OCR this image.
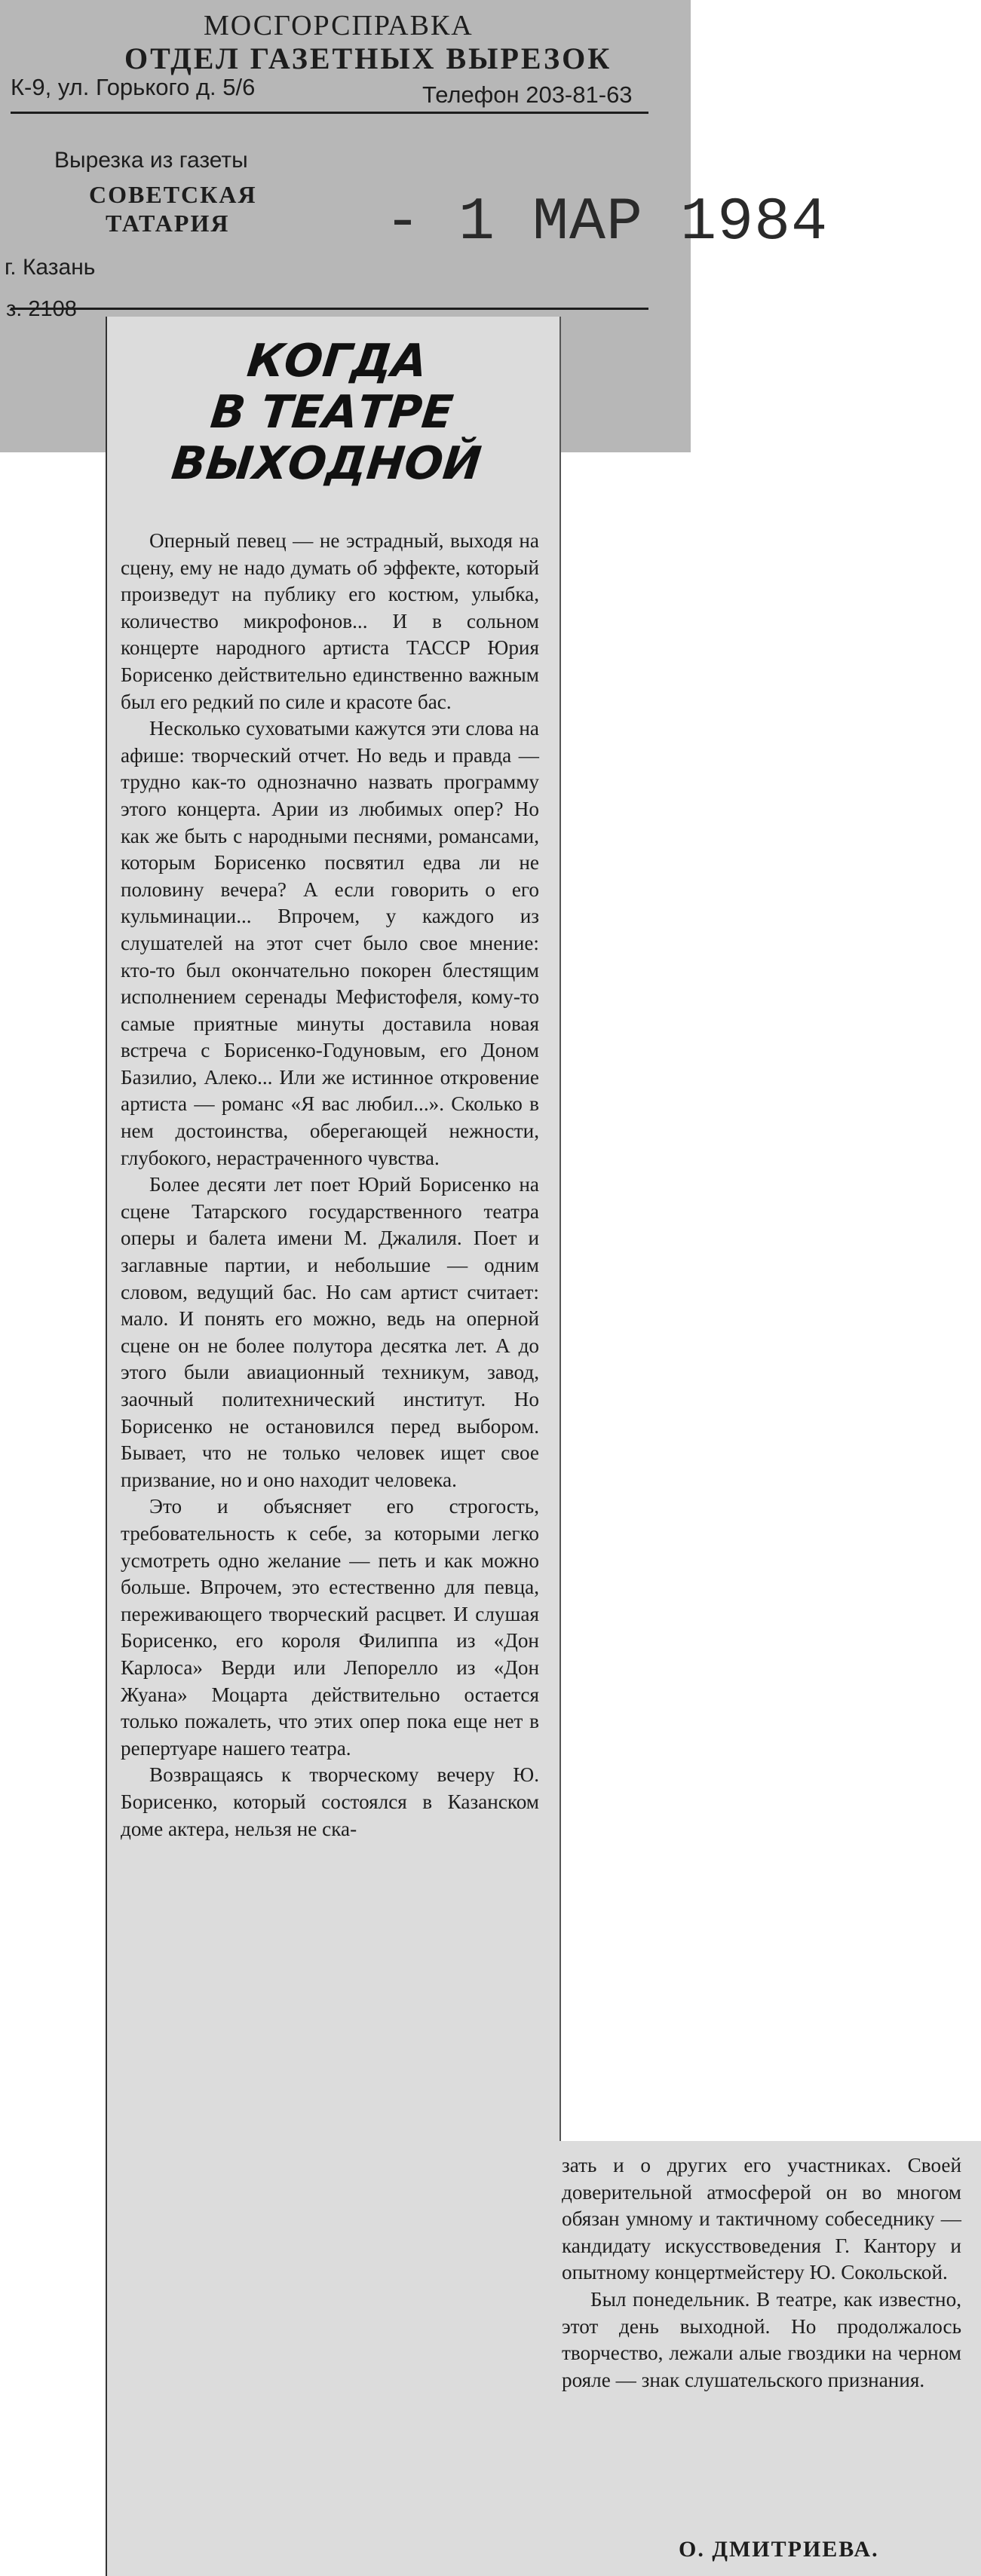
МОСГОРСПРАВКА
ОТДЕЛ ГАЗЕТНЫХ ВЫРЕЗОК
К-9, ул. Горького д. 5/6	Телефон 203-81-63
Вырезка из газеты
СОВЕТСКАЯ
ТАТАРИЯ	- 1 МАР 1984
г. Казань
з. 2108
КОГДА
В ТЕАТРЕ
ВЫХОДНОЙ

Оперный певец — не эстрадный, выходя на сцену, ему не надо думать об эффекте, который произведут на публику его костюм, улыбка, количество микрофонов... И в сольном концерте народного артиста ТАССР Юрия Борисенко действительно единственно важным был его редкий по силе и красоте бас.

Несколько суховатыми кажутся эти слова на афише: творческий отчет. Но ведь и правда — трудно как-то однозначно назвать программу этого концерта. Арии из любимых опер? Но как же быть с народными песнями, романсами, которым Борисенко посвятил едва ли не половину вечера? А если говорить о его кульминации... Впрочем, у каждого из слушателей на этот счет было свое мнение: кто-то был окончательно покорен блестящим исполнением серенады Мефистофеля, кому-то самые приятные минуты доставила новая встреча с Борисенко-Годуновым, его Доном Базилио, Алеко... Или же истинное откровение артиста — романс «Я вас любил...». Сколько в нем достоинства, оберегающей нежности, глубокого, нерастраченного чувства.

Более десяти лет поет Юрий Борисенко на сцене Татарского государственного театра оперы и балета имени М. Джалиля. Поет и заглавные партии, и небольшие — одним словом, ведущий бас. Но сам артист считает: мало. И понять его можно, ведь на оперной сцене он не более полутора десятка лет. А до этого были авиационный техникум, завод, заочный политехнический институт. Но Борисенко не остановился перед выбором. Бывает, что не только человек ищет свое призвание, но и оно находит человека.

Это и объясняет его строгость, требовательность к себе, за которыми легко усмотреть одно желание — петь и как можно больше. Впрочем, это естественно для певца, переживающего творческий расцвет. И слушая Борисенко, его короля Филиппа из «Дон Карлоса» Верди или Лепорелло из «Дон Жуана» Моцарта действительно остается только пожалеть, что этих опер пока еще нет в репертуаре нашего театра.

Возвращаясь к творческому вечеру Ю. Борисенко, который состоялся в Казанском доме актера, нельзя не ска-

зать и о других его участниках. Своей доверительной атмосферой он во многом обязан умному и тактичному собеседнику — кандидату искусствоведения Г. Кантору и опытному концертмейстеру Ю. Сокольской.

Был понедельник. В театре, как известно, этот день выходной. Но продолжалось творчество, лежали алые гвоздики на черном рояле — знак слушательского признания.

О. ДМИТРИЕВА.
